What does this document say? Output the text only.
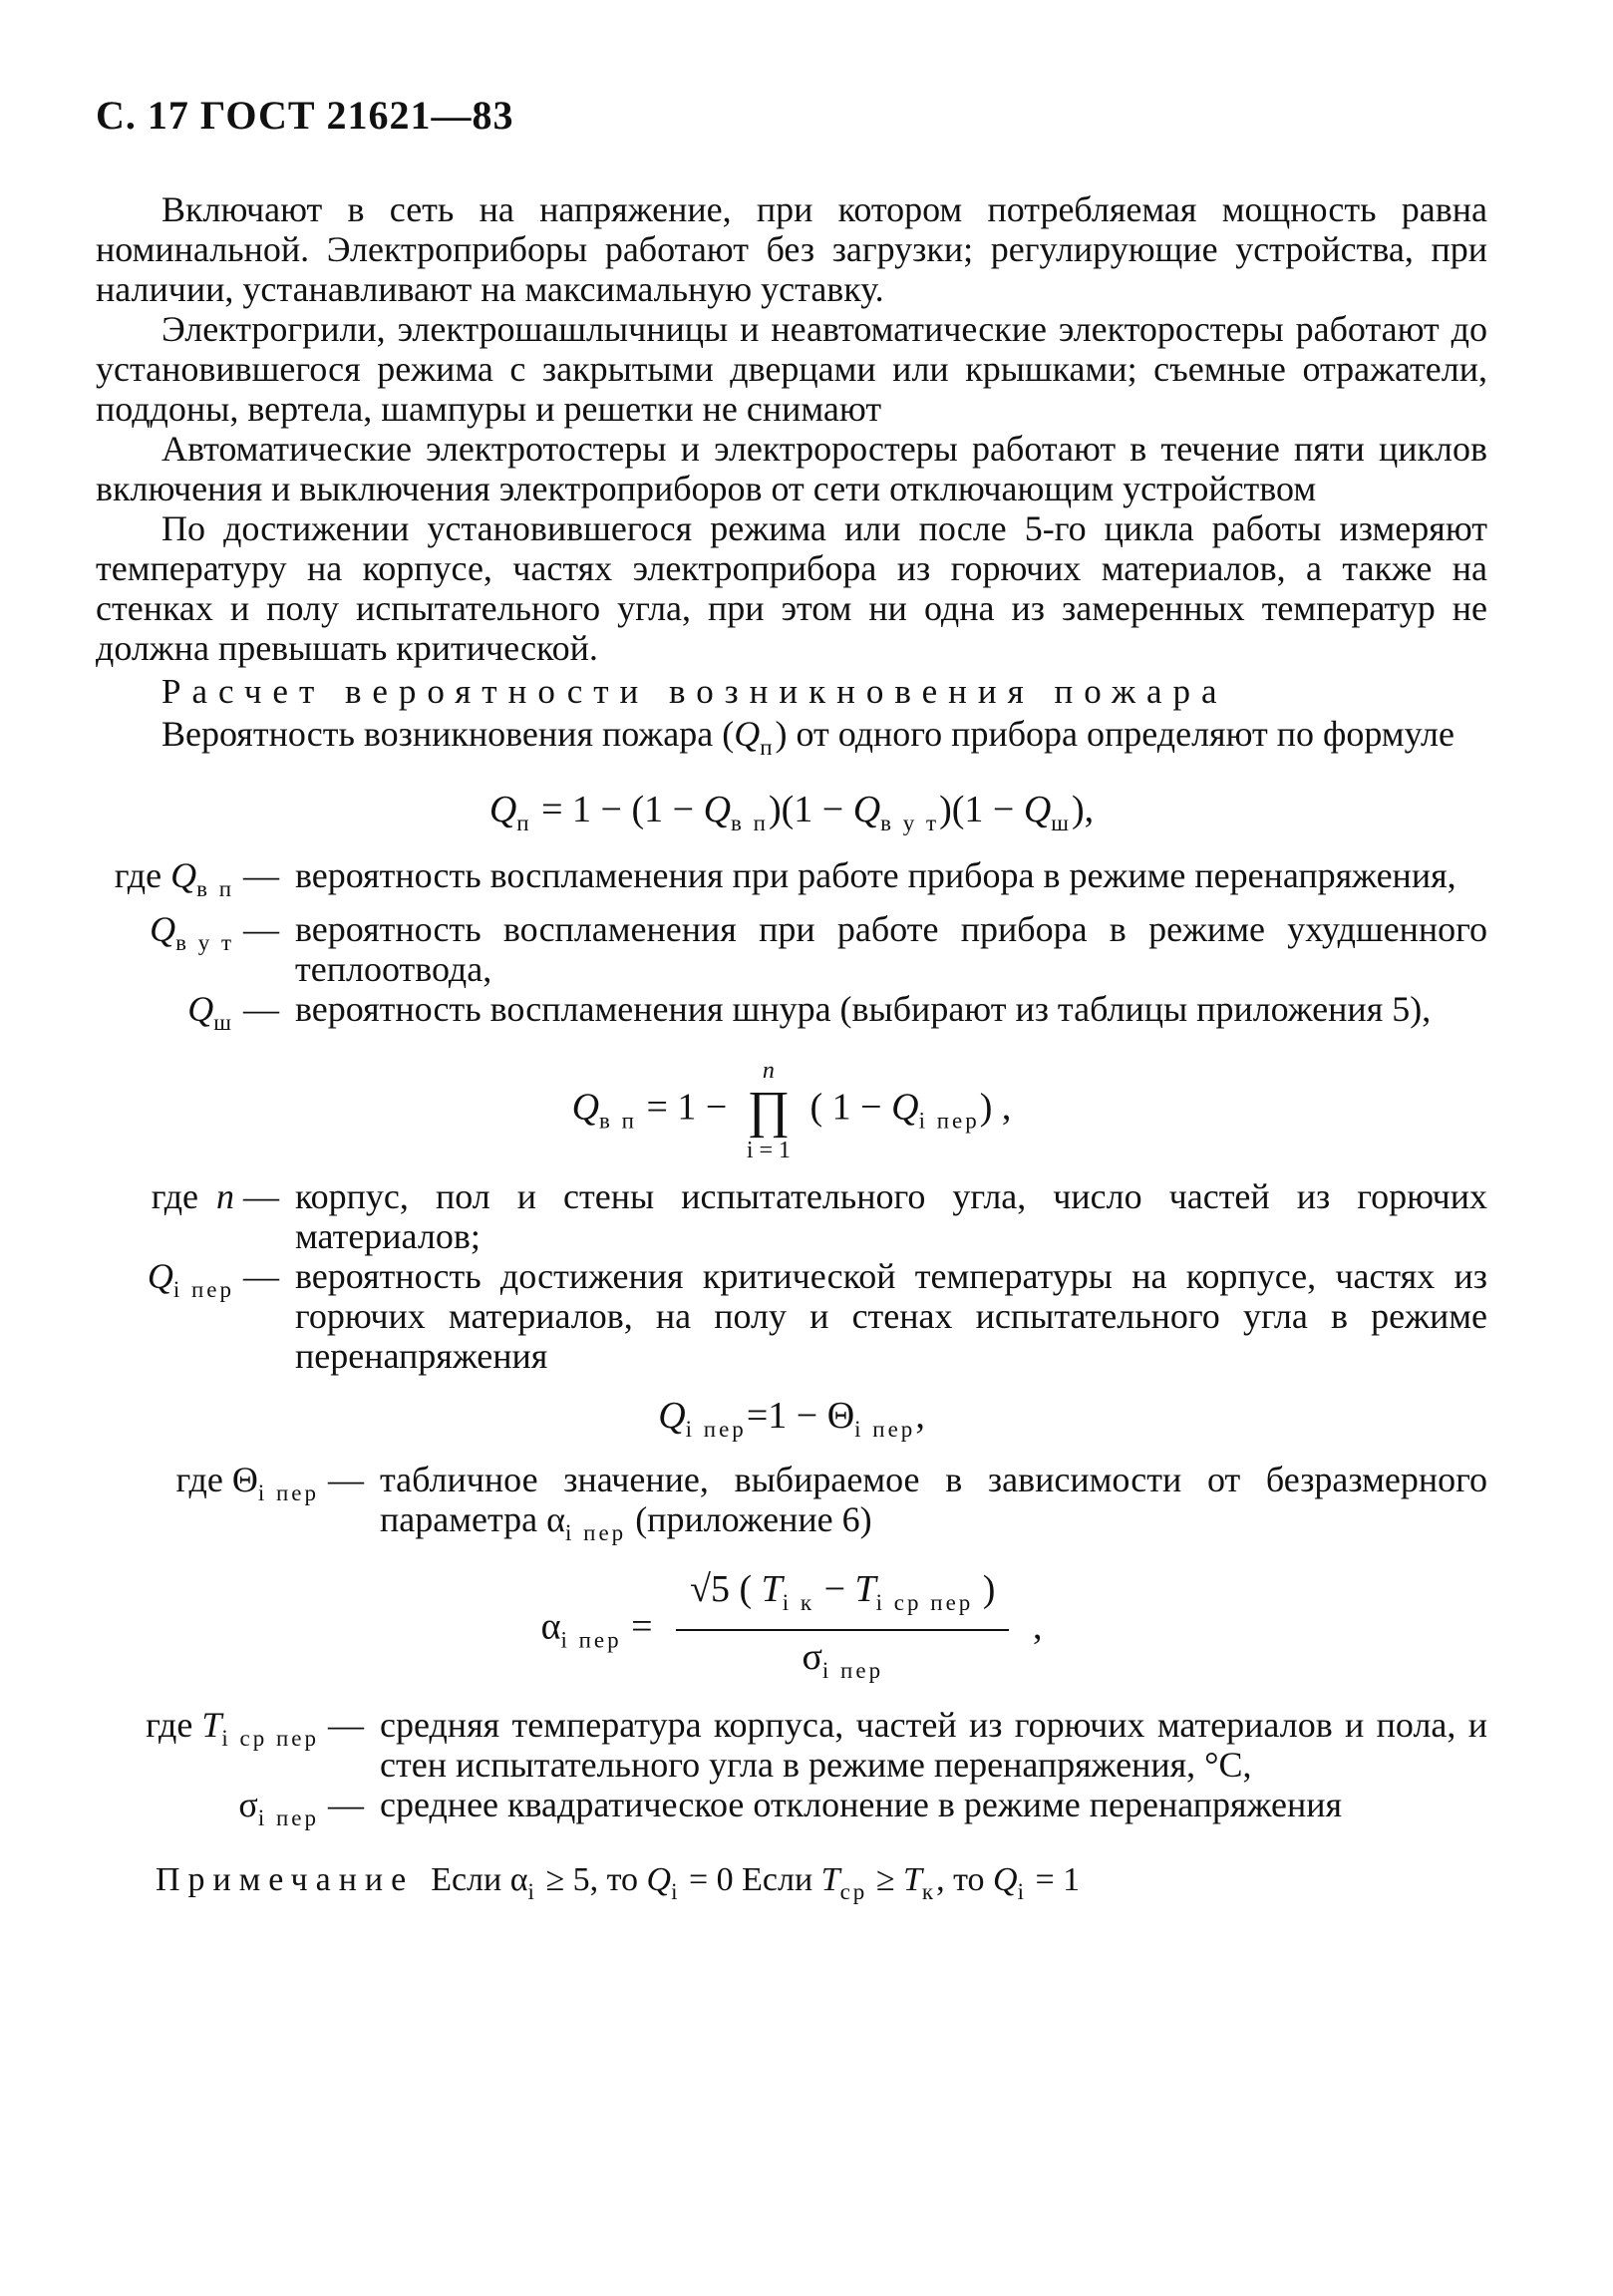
С. 17 ГОСТ 21621—83

Включают в сеть на напряжение, при котором потребляемая мощность равна номинальной. Электроприборы работают без загрузки; регулирующие устройства, при наличии, устанавливают на максимальную уставку.

Электрогрили, электрошашлычницы и неавтоматические электоростеры работают до установившегося режима с закрытыми дверцами или крышками; съемные отражатели, поддоны, вертела, шампуры и решетки не снимают

Автоматические электротостеры и электроростеры работают в течение пяти циклов включения и выключения электроприборов от сети отключающим устройством

По достижении установившегося режима или после 5-го цикла работы измеряют температуру на корпусе, частях электроприбора из горючих материалов, а также на стенках и полу испытательного угла, при этом ни одна из замеренных температур не должна превышать критической.

Расчет вероятности возникновения пожара

Вероятность возникновения пожара $(Q_п)$ от одного прибора определяют по формуле

$Q_п = 1 - (1 - Q_{в п})(1 - Q_{в у т})(1 - Q_ш)$,
где $Q_{в п}$ — вероятность воспламенения при работе прибора в режиме перенапряжения,
$Q_{в у т}$ — вероятность воспламенения при работе прибора в режиме ухудшенного теплоотвода,
$Q_ш$ — вероятность воспламенения шнура (выбирают из таблицы приложения 5),
$Q_{в п} = 1 - n$
∏
i = 1 ( $1 - Q_{i пер}$) ,
где n — корпус, пол и стены испытательного угла, число частей из горючих материалов;
$Q_{i пер}$ — вероятность достижения критической температуры на корпусе, частях из горючих материалов, на полу и стенах испытательного угла в режиме перенапряжения
$Q_{i пер}=1 - \Theta_{i пер}$,
где $\Theta_{i пер}$ — табличное значение, выбираемое в зависимости от безразмерного параметра $\alpha_{i пер}$ (приложение 6)
$\alpha_{i пер} = \frac{√5 ( T_{i к} - T_{i ср пер} )}{\sigma_{i пер}}$ ,
где $T_{i ср пер}$ — средняя температура корпуса, частей из горючих материалов и пола, и стен испытательного угла в режиме перенапряжения, °С,
$\sigma_{i пер}$ — среднее квадратическое отклонение в режиме перенапряжения

Примечание Если $\alpha_i \ge 5$, то $Q_i = 0$ Если $T_{ср} \ge T_к$, то $Q_i = 1$
